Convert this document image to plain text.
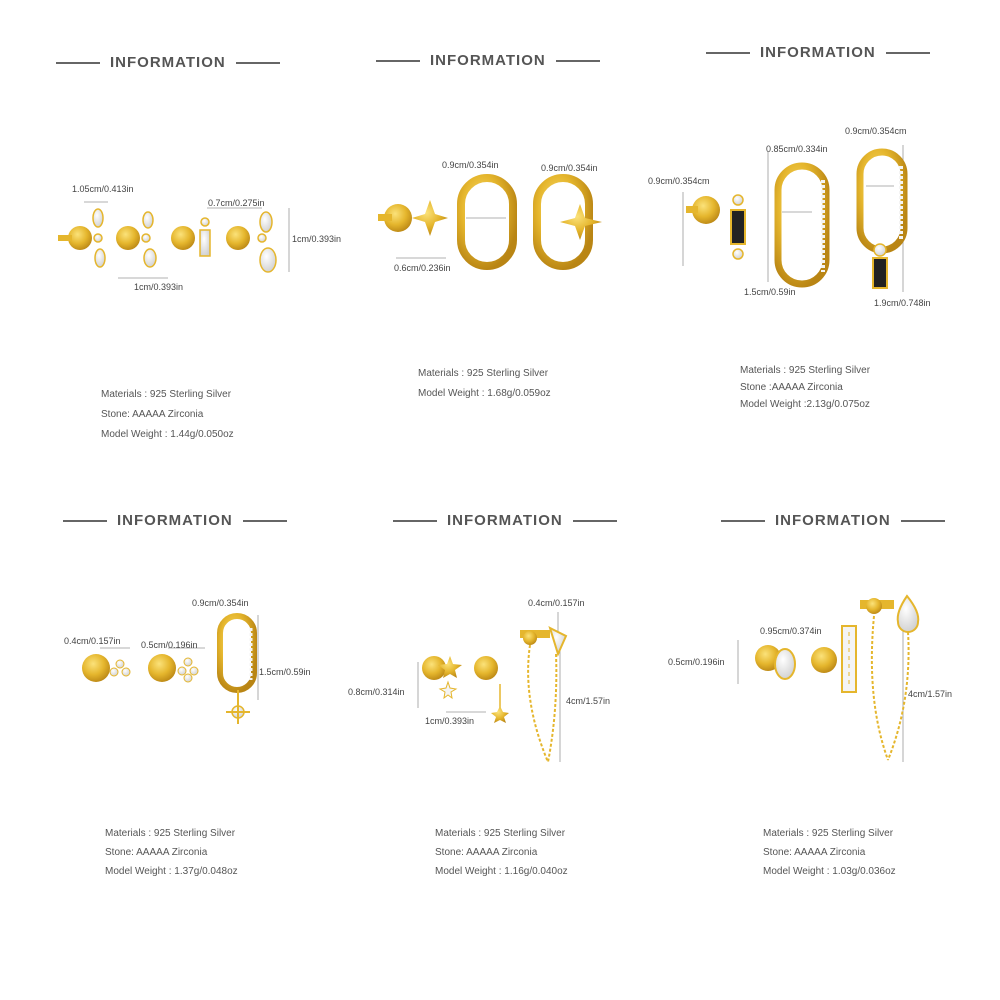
INFORMATION
1.05cm/0.413in
0.7cm/0.275in
1cm/0.393in
1cm/0.393in
Materials : 925 Sterling Silver
Stone: AAAAA Zirconia
Model Weight : 1.44g/0.050oz
INFORMATION
0.9cm/0.354in	0.9cm/0.354in
0.6cm/0.236in
Materials : 925 Sterling Silver
Model Weight : 1.68g/0.059oz
INFORMATION
0.9cm/0.354cm
0.85cm/0.334in
0.9cm/0.354cm
1.5cm/0.59in
1.9cm/0.748in
Materials : 925 Sterling Silver
Stone :AAAAA Zirconia
Model Weight :2.13g/0.075oz
INFORMATION
0.9cm/0.354in
0.4cm/0.157in 0.5cm/0.196in
1.5cm/0.59in
Materials : 925 Sterling Silver
Stone: AAAAA Zirconia
Model Weight : 1.37g/0.048oz
INFORMATION
0.4cm/0.157in
0.8cm/0.314in
1cm/0.393in
4cm/1.57in
Materials : 925 Sterling Silver
Stone: AAAAA Zirconia
Model Weight : 1.16g/0.040oz
INFORMATION
0.95cm/0.374in
0.5cm/0.196in
4cm/1.57in
Materials : 925 Sterling Silver
Stone: AAAAA Zirconia
Model Weight : 1.03g/0.036oz
